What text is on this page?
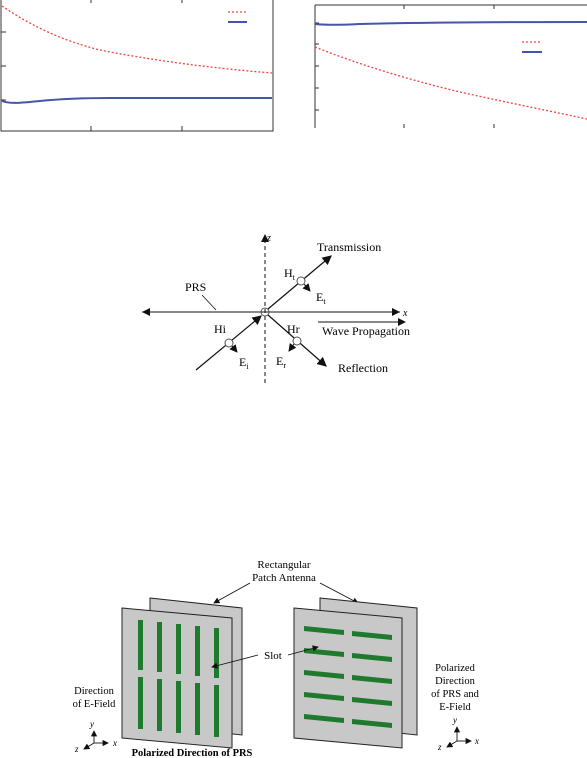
z
x
PRS
Hi
$E_i$
$H_t$
$E_t$
Transmission
Hr
$E_r$	Reflection
Wave Propagation
Rectangular
Patch Antenna
Slot
Direction
of E-Field
y
z
x
Polarized Direction of PRS
Polarized
Direction
of PRS and
E-Field
y
z
x
